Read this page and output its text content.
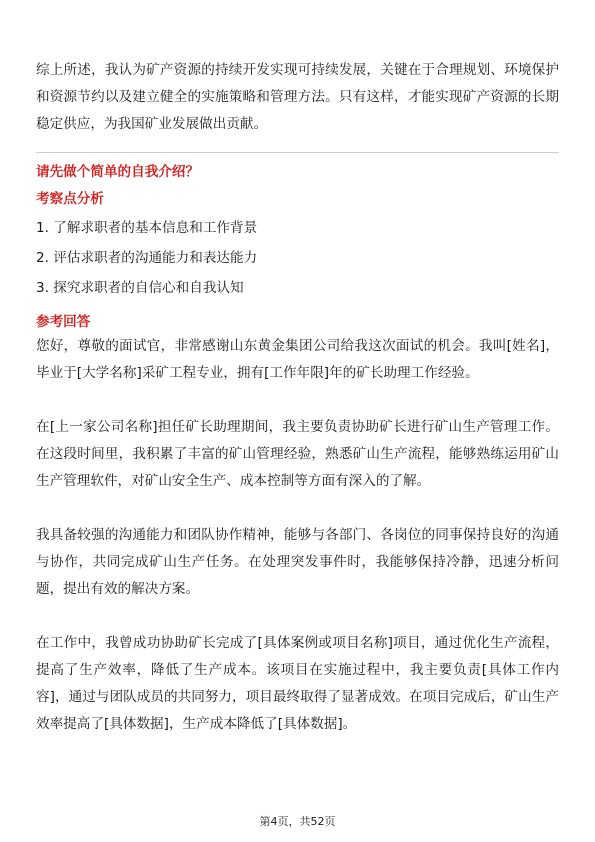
综上所述，我认为矿产资源的持续开发实现可持续发展，关键在于合理规划、环境保护和资源节约以及建立健全的实施策略和管理方法。只有这样，才能实现矿产资源的长期稳定供应，为我国矿业发展做出贡献。

请先做个简单的自我介绍？
考察点分析
1. 了解求职者的基本信息和工作背景
2. 评估求职者的沟通能力和表达能力
3. 探究求职者的自信心和自我认知
参考回答

您好，尊敬的面试官，非常感谢山东黄金集团公司给我这次面试的机会。我叫[姓名]，毕业于[大学名称]采矿工程专业，拥有[工作年限]年的矿长助理工作经验。

在[上一家公司名称]担任矿长助理期间，我主要负责协助矿长进行矿山生产管理工作。在这段时间里，我积累了丰富的矿山管理经验，熟悉矿山生产流程，能够熟练运用矿山生产管理软件，对矿山安全生产、成本控制等方面有深入的了解。

我具备较强的沟通能力和团队协作精神，能够与各部门、各岗位的同事保持良好的沟通与协作，共同完成矿山生产任务。在处理突发事件时，我能够保持冷静，迅速分析问题，提出有效的解决方案。

在工作中，我曾成功协助矿长完成了[具体案例或项目名称]项目，通过优化生产流程，提高了生产效率，降低了生产成本。该项目在实施过程中，我主要负责[具体工作内容]，通过与团队成员的共同努力，项目最终取得了显著成效。在项目完成后，矿山生产效率提高了[具体数据]，生产成本降低了[具体数据]。

第4页，共52页
